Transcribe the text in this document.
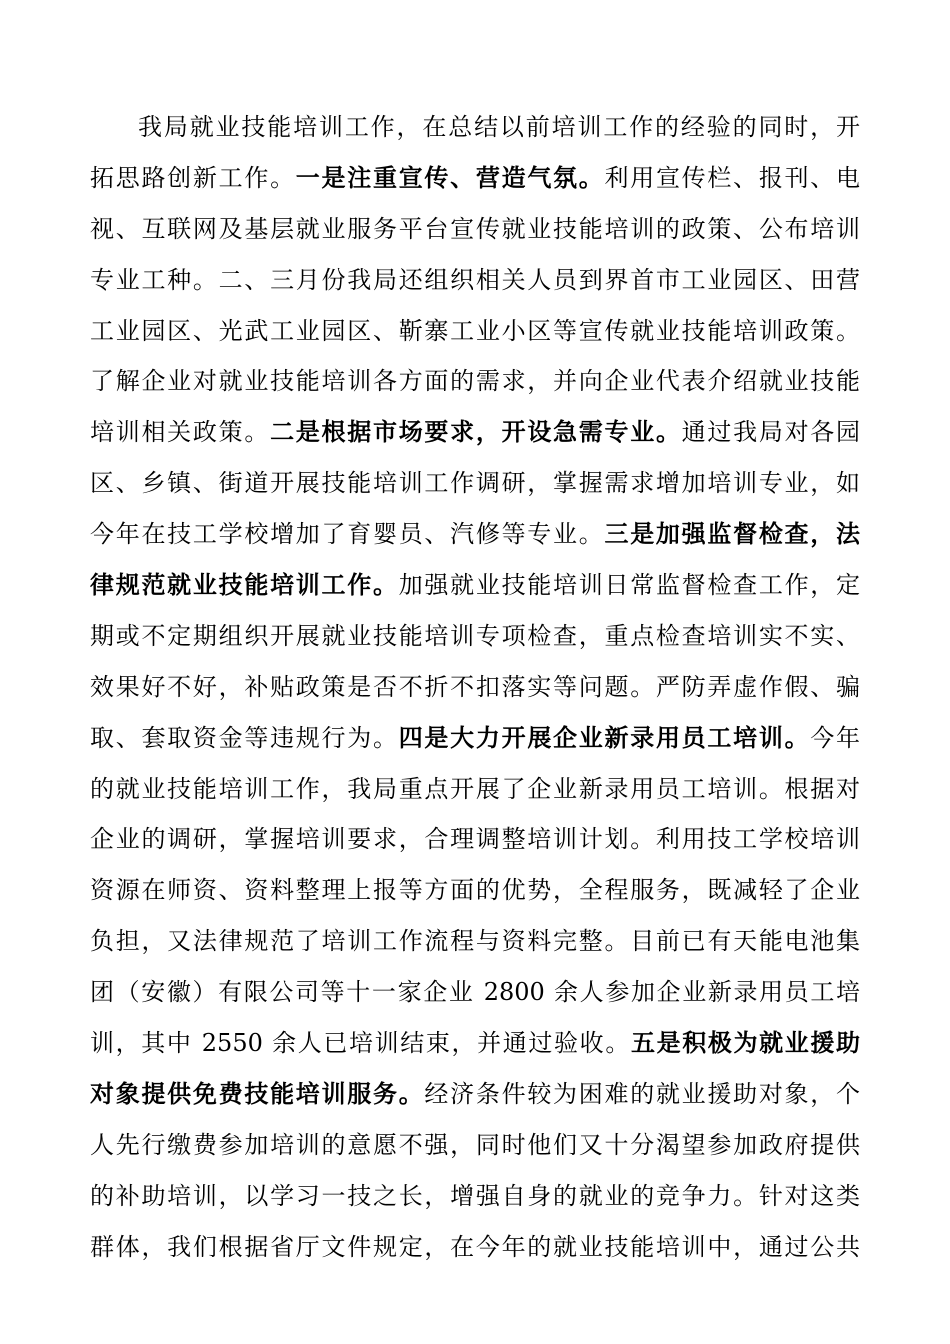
我局就业技能培训工作，在总结以前培训工作的经验的同时，开
拓思路创新工作。一是注重宣传、营造气氛。利用宣传栏、报刊、电
视、互联网及基层就业服务平台宣传就业技能培训的政策、公布培训
专业工种。二、三月份我局还组织相关人员到界首市工业园区、田营
工业园区、光武工业园区、靳寨工业小区等宣传就业技能培训政策。
了解企业对就业技能培训各方面的需求，并向企业代表介绍就业技能
培训相关政策。二是根据市场要求，开设急需专业。通过我局对各园
区、乡镇、街道开展技能培训工作调研，掌握需求增加培训专业，如
今年在技工学校增加了育婴员、汽修等专业。三是加强监督检查，法
律规范就业技能培训工作。加强就业技能培训日常监督检查工作，定
期或不定期组织开展就业技能培训专项检查，重点检查培训实不实、
效果好不好，补贴政策是否不折不扣落实等问题。严防弄虚作假、骗
取、套取资金等违规行为。四是大力开展企业新录用员工培训。今年
的就业技能培训工作，我局重点开展了企业新录用员工培训。根据对
企业的调研，掌握培训要求，合理调整培训计划。利用技工学校培训
资源在师资、资料整理上报等方面的优势，全程服务，既减轻了企业
负担，又法律规范了培训工作流程与资料完整。目前已有天能电池集
团（安徽）有限公司等十一家企业 2800 余人参加企业新录用员工培
训，其中 2550 余人已培训结束，并通过验收。五是积极为就业援助
对象提供免费技能培训服务。经济条件较为困难的就业援助对象，个
人先行缴费参加培训的意愿不强，同时他们又十分渴望参加政府提供
的补助培训，以学习一技之长，增强自身的就业的竞争力。针对这类
群体，我们根据省厅文件规定，在今年的就业技能培训中，通过公共
